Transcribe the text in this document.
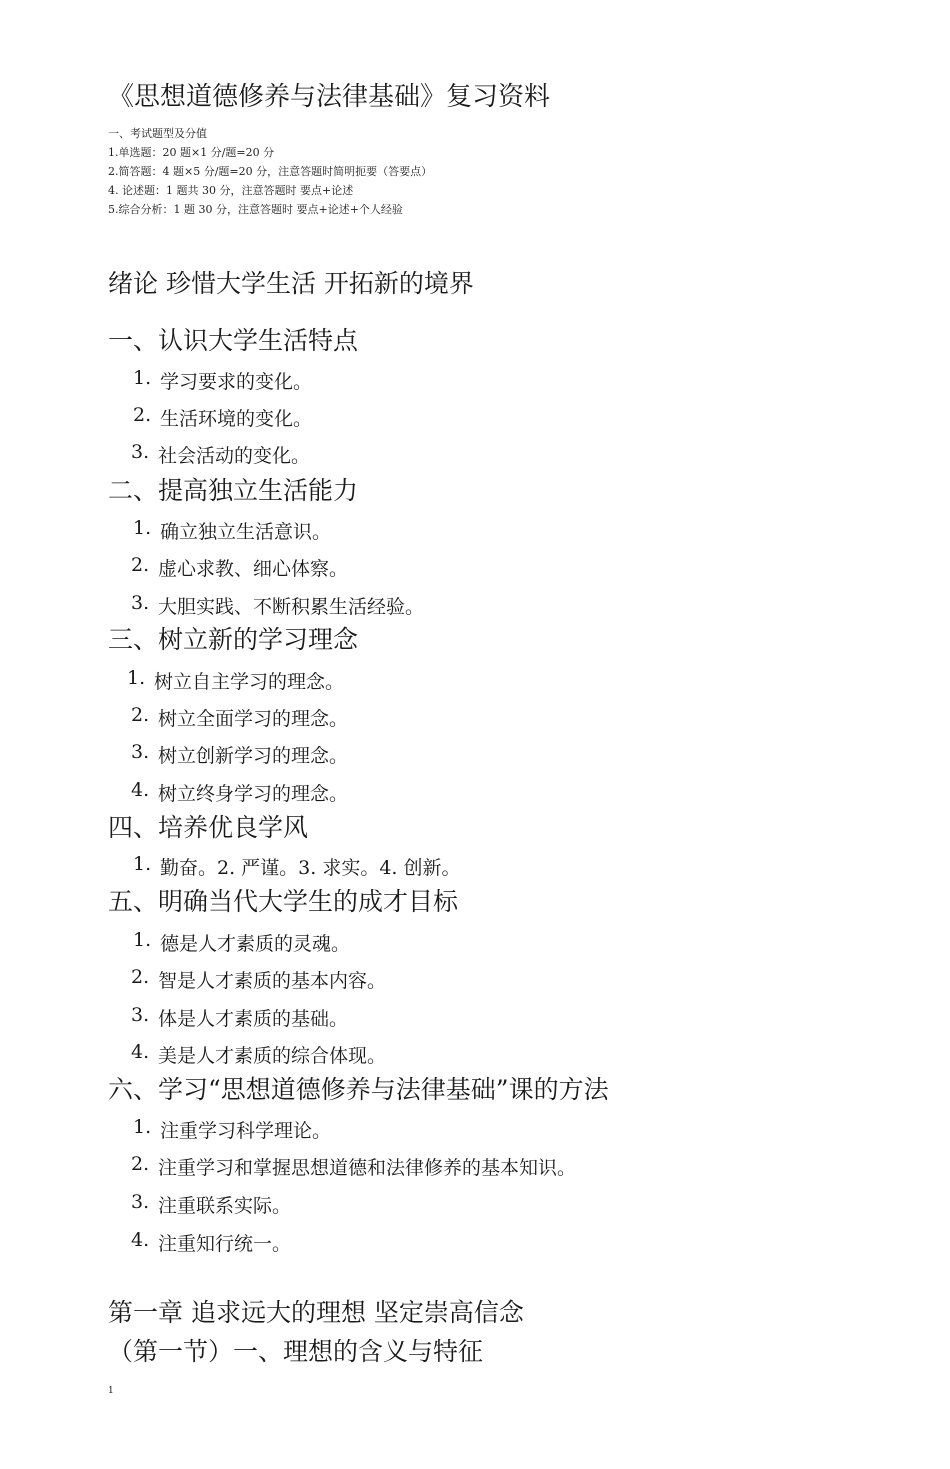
《思想道德修养与法律基础》复习资料
一、考试题型及分值
1.单选题：20 题×1 分/题=20 分
2.简答题：4 题×5 分/题=20 分，注意答题时简明扼要（答要点）
4. 论述题：1 题共 30 分，注意答题时 要点+论述
5.综合分析：1 题 30 分，注意答题时 要点+论述+个人经验
绪论 珍惜大学生活 开拓新的境界
一、认识大学生活特点
1. 学习要求的变化。
2. 生活环境的变化。
3. 社会活动的变化。
二、提高独立生活能力
1. 确立独立生活意识。
2. 虚心求教、细心体察。
3. 大胆实践、不断积累生活经验。
三、树立新的学习理念
1. 树立自主学习的理念。
2. 树立全面学习的理念。
3. 树立创新学习的理念。
4. 树立终身学习的理念。
四、培养优良学风
1. 勤奋。2. 严谨。3. 求实。4. 创新。
五、明确当代大学生的成才目标
1. 德是人才素质的灵魂。
2. 智是人才素质的基本内容。
3. 体是人才素质的基础。
4. 美是人才素质的综合体现。
六、学习“思想道德修养与法律基础”课的方法
1. 注重学习科学理论。
2. 注重学习和掌握思想道德和法律修养的基本知识。
3. 注重联系实际。
4. 注重知行统一。
第一章 追求远大的理想 坚定崇高信念
（第一节）一、理想的含义与特征
1
